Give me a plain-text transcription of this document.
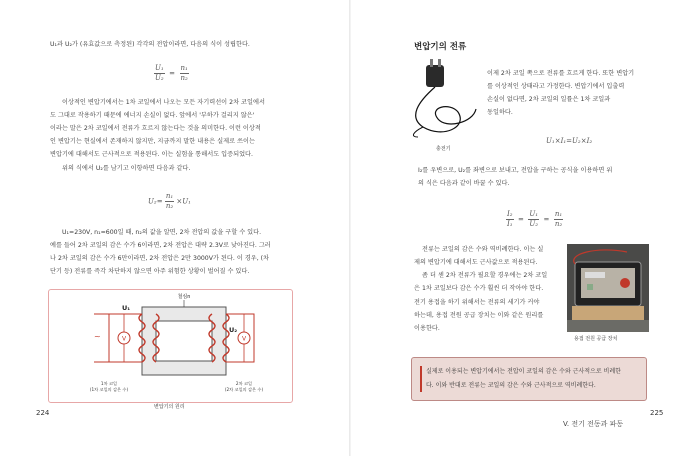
U₁과 U₂가 (유효값으로 측정된) 각각의 전압이라면, 다음의 식이 성립한다.
$\frac{\text{U₁}}{\text{U₂}} = \frac{\text{n₁}}{\text{n₂}}$
이상적인 변압기에서는 1차 코일에서 나오는 모든 자기력선이 2차 코일에서
도 그대로 작용하기 때문에 에너지 손실이 없다. 앞에서 '부하가 걸리지 않은'
이라는 말은 2차 코일에서 전류가 흐르지 않는다는 것을 의미한다. 이런 이상적
인 변압기는 현실에서 존재하지 않지만, 지금까지 말한 내용은 실제로 쓰이는
변압기에 대해서도 근사적으로 적용된다. 이는 실험을 통해서도 입증되었다.
위의 식에서 U₂를 남기고 이항하면 다음과 같다.
$U_2= \frac{\text{n₁}}{\text{n₂}} \times U_1$
U₁=230V, n₁=600일 때, n₂의 값을 알면, 2차 전압의 값을 구할 수 있다.
예를 들어 2차 코일의 감은 수가 6이라면, 2차 전압은 대략 2.3V로 낮아진다. 그러
나 2차 코일의 감은 수가 6만이라면, 2차 전압은 2만 3000V가 된다. 이 경우, (차
단기 등) 전류를 즉각 차단하지 않으면 아주 위험한 상황이 벌어질 수 있다.
철심n
~	V
U₁
V
U₂
1차 코일
(1차 코일의 감은 수)
2차 코일
(2차 코일의 감은 수)
변압기의 원리
224
변압기의 전류
충전기
이제 2차 코일 쪽으로 전류를 흐르게 한다. 또한 변압기
를 이상적인 상태라고 가정한다. 변압기에서 입출력
손실이 없다면, 2차 코일의 일률은 1차 코일과
동일하다.
U₁×I₁=U₂×I₂
I₂를 우변으로, U₂를 좌변으로 보내고, 전압을 구하는 공식을 이용하면 위
의 식은 다음과 같이 바꿀 수 있다.
$\frac{\text{I₂}}{\text{I₁}} = \frac{\text{U₁}}{\text{U₂}} = \frac{\text{n₁}}{\text{n₂}}$
전류는 코일의 감은 수와 역비례한다. 이는 실
제의 변압기에 대해서도 근사값으로 적용된다.
좀 더 센 2차 전류가 필요할 경우에는 2차 코일
은 1차 코일보다 감은 수가 훨씬 더 작아야 한다.
전기 용접을 하기 위해서는 전류의 세기가 커야
하는데, 용접 전원 공급 장치는 이와 같은 원리를
이용한다.
용접 전원 공급 장치

실제로 이용되는 변압기에서는 전압이 코일의 감은 수와 근사적으로 비례한

다. 이와 반대로 전류는 코일의 감은 수와 근사적으로 역비례한다.

225
V. 전기 전동과 파동
